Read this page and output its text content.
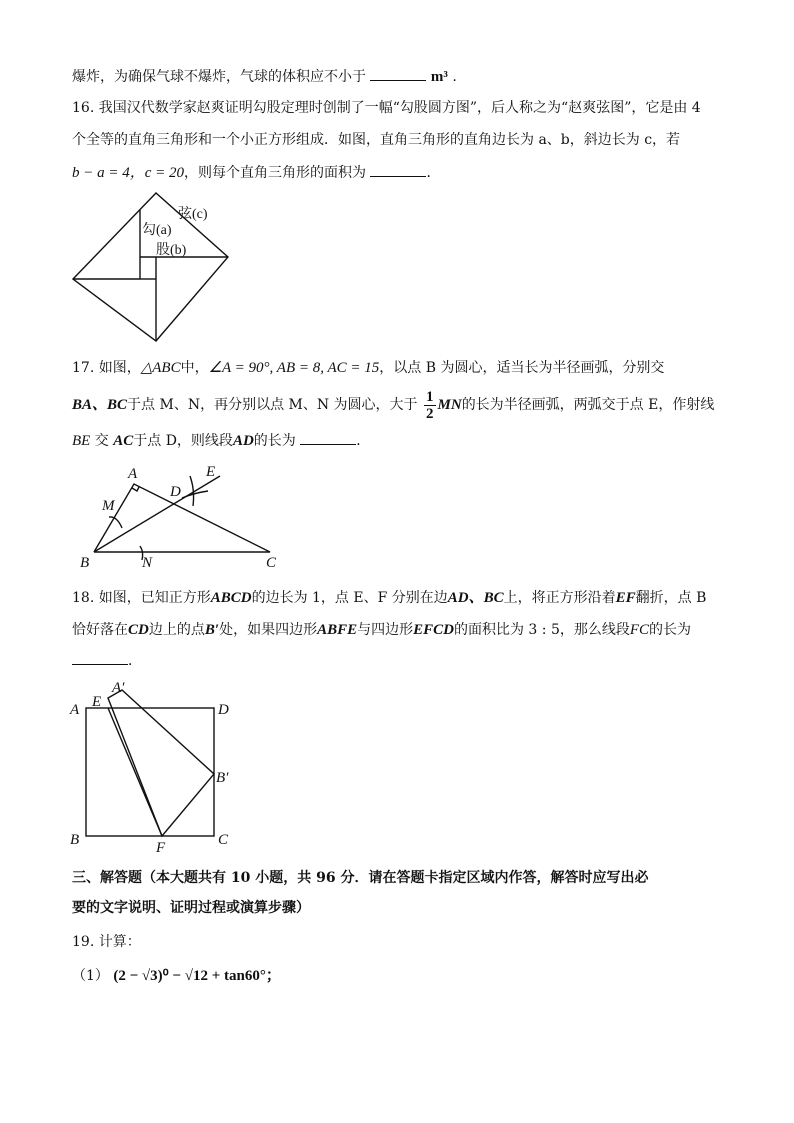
爆炸，为确保气球不爆炸，气球的体积应不小于	m³ .
16. 我国汉代数学家赵爽证明勾股定理时创制了一幅“勾股圆方图”，后人称之为“赵爽弦图”，它是由 4
个全等的直角三角形和一个小正方形组成．如图，直角三角形的直角边长为 a、b，斜边长为 c，若
b − a = 4，c = 20，则每个直角三角形的面积为	．
弦(c)
勾(a)
股(b)
17. 如图，△ABC中，∠A = 90°, AB = 8, AC = 15，以点 B 为圆心，适当长为半径画弧，分别交
BA、BC于点 M、N，再分别以点 M、N 为圆心，大于 $\frac{1}{2}$ MN的长为半径画弧，两弧交于点 E，作射线
BE 交 AC于点 D，则线段AD的长为	．
A
M
D
E
B	N	C
18. 如图，已知正方形ABCD的边长为 1，点 E、F 分别在边AD、BC上，将正方形沿着EF翻折，点 B
恰好落在CD边上的点B′处，如果四边形ABFE与四边形EFCD的面积比为 3 : 5，那么线段FC的长为
．
A E
A′
D
B′
B	F	C
三、解答题（本大题共有 10 小题，共 96 分．请在答题卡指定区域内作答，解答时应写出必
要的文字说明、证明过程或演算步骤）
19. 计算：
（1） (2 − √3)⁰ − √12 + tan60°；
